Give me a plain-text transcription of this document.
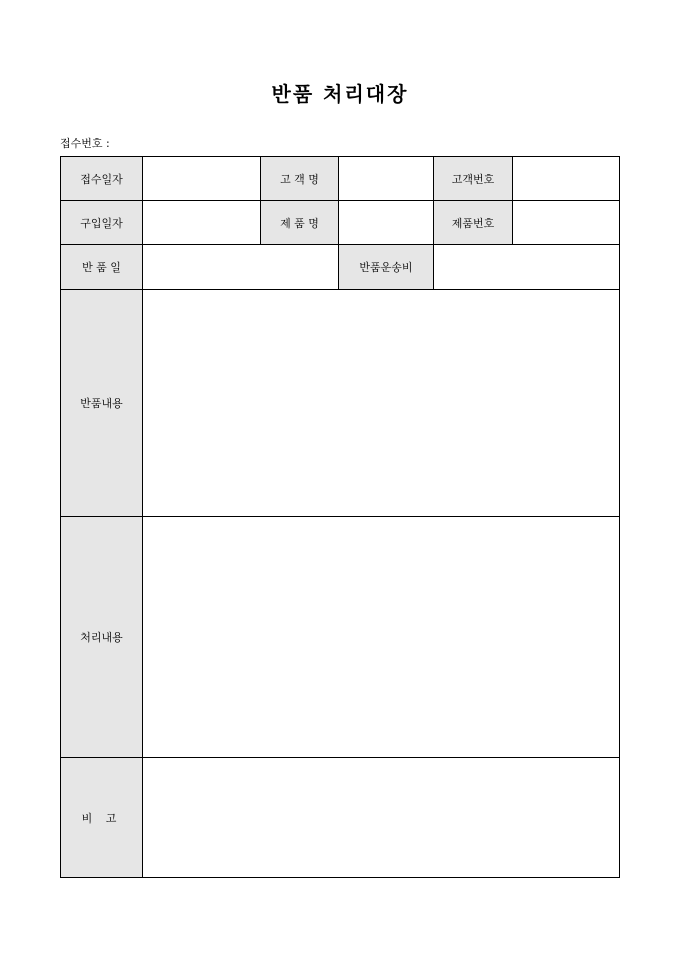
반품 처리대장
접수번호 :
접수일자		고 객 명		고객번호	
구입일자		제 품 명		제품번호	
반 품 일			반품운송비		
반품내용					
처리내용					
비 고					
